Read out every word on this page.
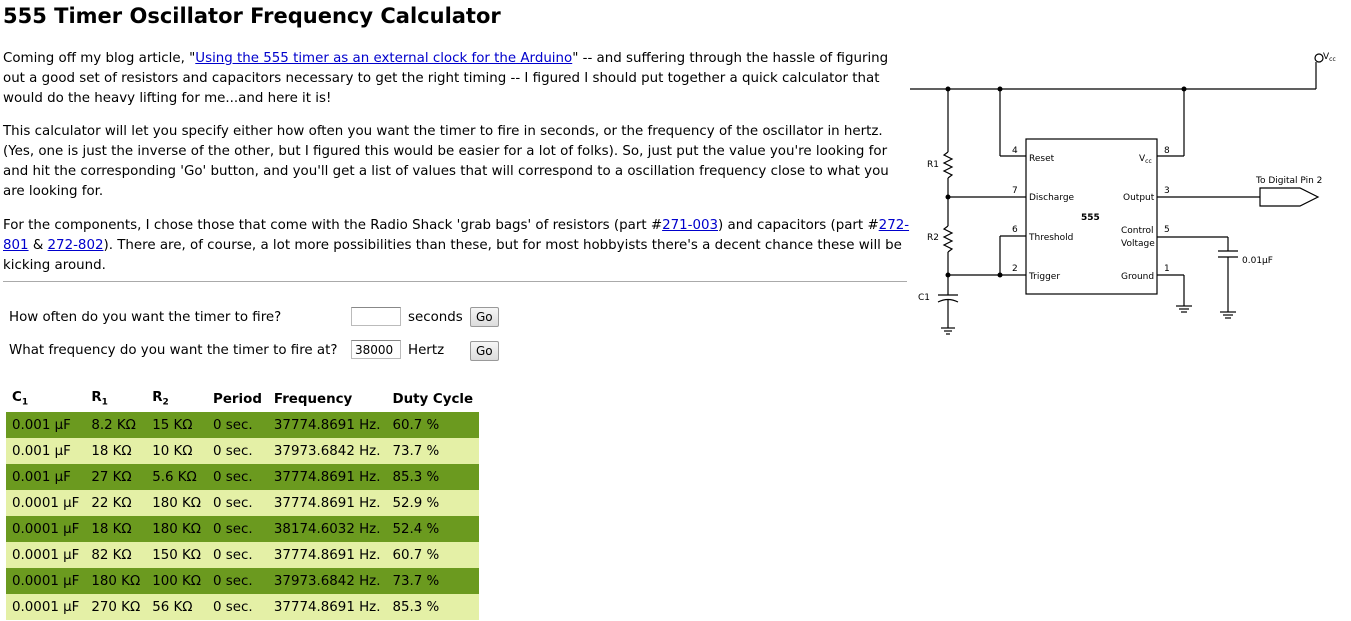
555 Timer Oscillator Frequency Calculator

Coming off my blog article, "Using the 555 timer as an external clock for the Arduino" -- and suffering through the hassle of figuring out a good set of resistors and capacitors necessary to get the right timing -- I figured I should put together a quick calculator that would do the heavy lifting for me...and here it is!

This calculator will let you specify either how often you want the timer to fire in seconds, or the frequency of the oscillator in hertz. (Yes, one is just the inverse of the other, but I figured this would be easier for a lot of folks). So, just put the value you're looking for and hit the corresponding 'Go' button, and you'll get a list of values that will correspond to a oscillation frequency close to what you are looking for.

For the components, I chose those that come with the Radio Shack 'grab bags' of resistors (part #271-003) and capacitors (part #272-801 & 272-802). There are, of course, a lot more possibilities than these, but for most hobbyists there's a decent chance these will be kicking around.

How often do you want the timer to fire?	seconds	Go
What frequency do you want the timer to fire at?
38000	Hertz	Go
$C_1$	$R_1$	$R_2$	Period	Frequency	Duty Cycle
0.001 µF	8.2 KΩ	15 KΩ	0 sec.	37774.8691 Hz.	60.7 %
0.001 µF	18 KΩ	10 KΩ	0 sec.	37973.6842 Hz.	73.7 %
0.001 µF	27 KΩ	5.6 KΩ	0 sec.	37774.8691 Hz.	85.3 %
0.0001 µF	22 KΩ	180 KΩ	0 sec.	37774.8691 Hz.	52.9 %
0.0001 µF	18 KΩ	180 KΩ	0 sec.	38174.6032 Hz.	52.4 %
0.0001 µF	82 KΩ	150 KΩ	0 sec.	37774.8691 Hz.	60.7 %
0.0001 µF	180 KΩ	100 KΩ	0 sec.	37973.6842 Hz.	73.7 %
0.0001 µF	270 KΩ	56 KΩ	0 sec.	37774.8691 Hz.	85.3 %
$V_{cc}$
R1
R2
C1
555
Reset
Discharge
Threshold
Trigger
$V_{cc}$
Output
Control
Voltage
Ground
4
7
6
2
8
3
5
1
To Digital Pin 2
0.01µF
